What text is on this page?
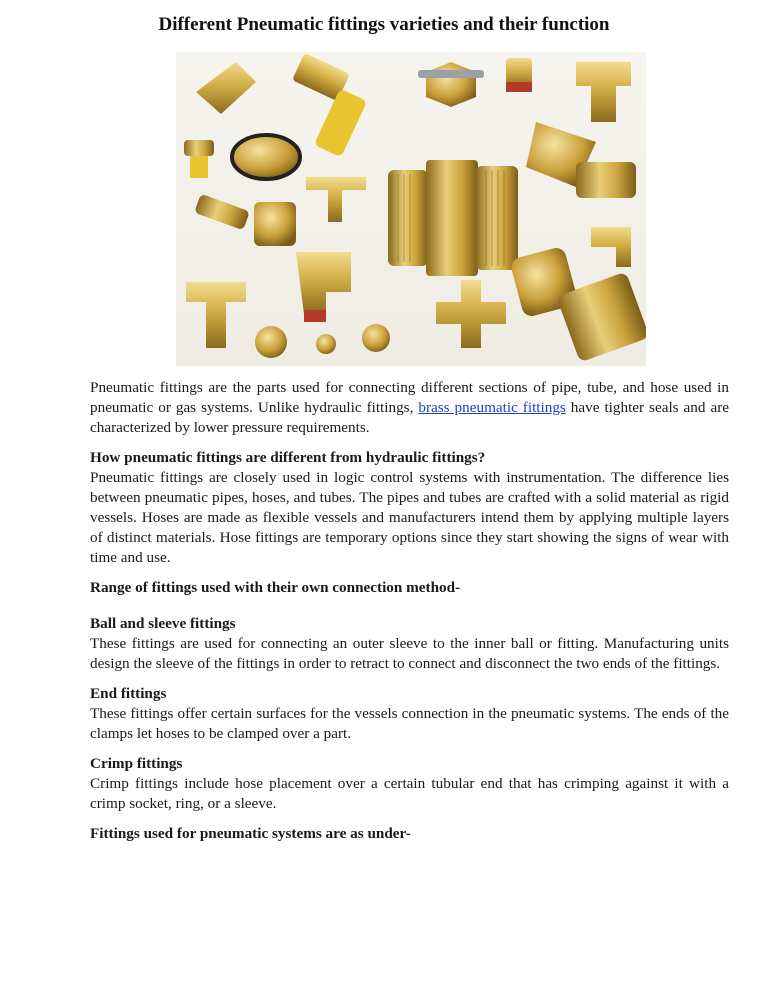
Different Pneumatic fittings varieties and their function

Pneumatic fittings are the parts used for connecting different sections of pipe, tube, and hose used in pneumatic or gas systems. Unlike hydraulic fittings, brass pneumatic fittings have tighter seals and are characterized by lower pressure requirements.

How pneumatic fittings are different from hydraulic fittings?

Pneumatic fittings are closely used in logic control systems with instrumentation. The difference lies between pneumatic pipes, hoses, and tubes. The pipes and tubes are crafted with a solid material as rigid vessels. Hoses are made as flexible vessels and manufacturers intend them by applying multiple layers of distinct materials. Hose fittings are temporary options since they start showing the signs of wear with time and use.

Range of fittings used with their own connection method-

Ball and sleeve fittings

These fittings are used for connecting an outer sleeve to the inner ball or fitting. Manufacturing units design the sleeve of the fittings in order to retract to connect and disconnect the two ends of the fittings.

End fittings

These fittings offer certain surfaces for the vessels connection in the pneumatic systems. The ends of the clamps let hoses to be clamped over a part.

Crimp fittings

Crimp fittings include hose placement over a certain tubular end that has crimping against it with a crimp socket, ring, or a sleeve.

Fittings used for pneumatic systems are as under-
